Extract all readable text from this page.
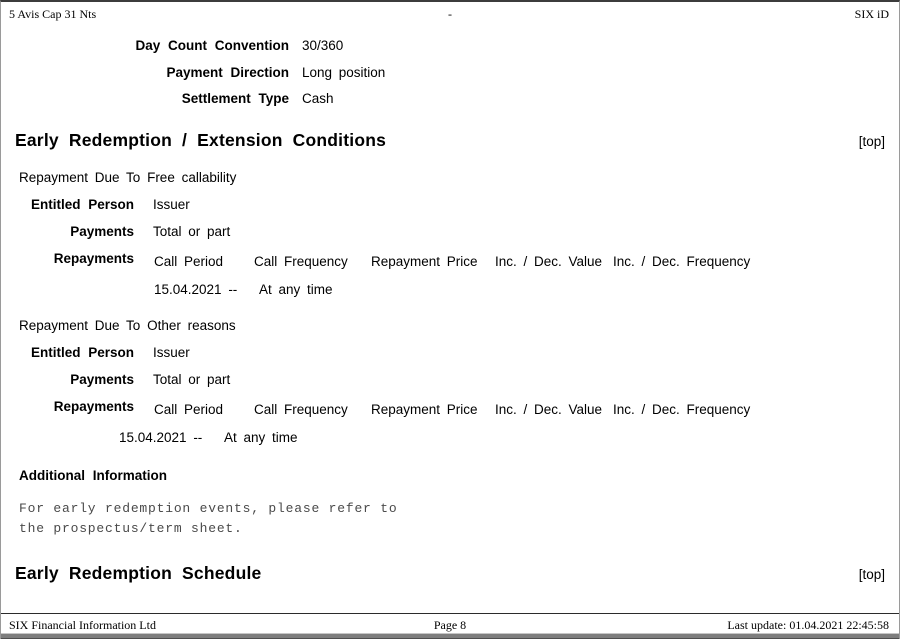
5 Avis Cap 31 Nts	-	SIX iD
Day Count Convention 30/360
Payment Direction Long position
Settlement Type Cash
Early Redemption / Extension Conditions	[top]
Repayment Due To Free callability
Entitled Person Issuer
Payments Total or part
Repayments Call Period	Call Frequency	Repayment Price	Inc. / Dec. Value Inc. / Dec. Frequency
15.04.2021 -- At any time
Repayment Due To Other reasons
Entitled Person Issuer
Payments Total or part
Repayments Call Period	Call Frequency	Repayment Price	Inc. / Dec. Value Inc. / Dec. Frequency
15.04.2021 -- At any time
Additional Information
For early redemption events, please refer to
the prospectus/term sheet.
Early Redemption Schedule	[top]
SIX Financial Information Ltd	Page 8	Last update: 01.04.2021 22:45:58
